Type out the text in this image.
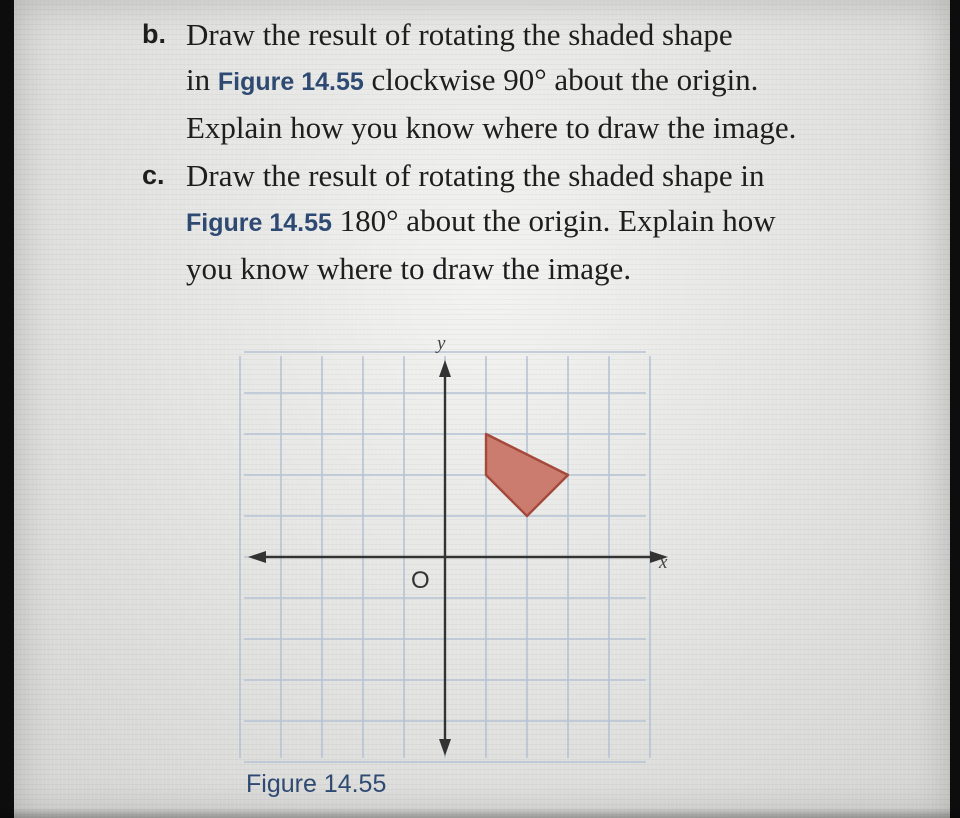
b. Draw the result of rotating the shaded shape
in Figure 14.55 clockwise 90° about the origin.
Explain how you know where to draw the image.

c. Draw the result of rotating the shaded shape in
Figure 14.55 180° about the origin. Explain how
you know where to draw the image.

x
y
O

Figure 14.55
